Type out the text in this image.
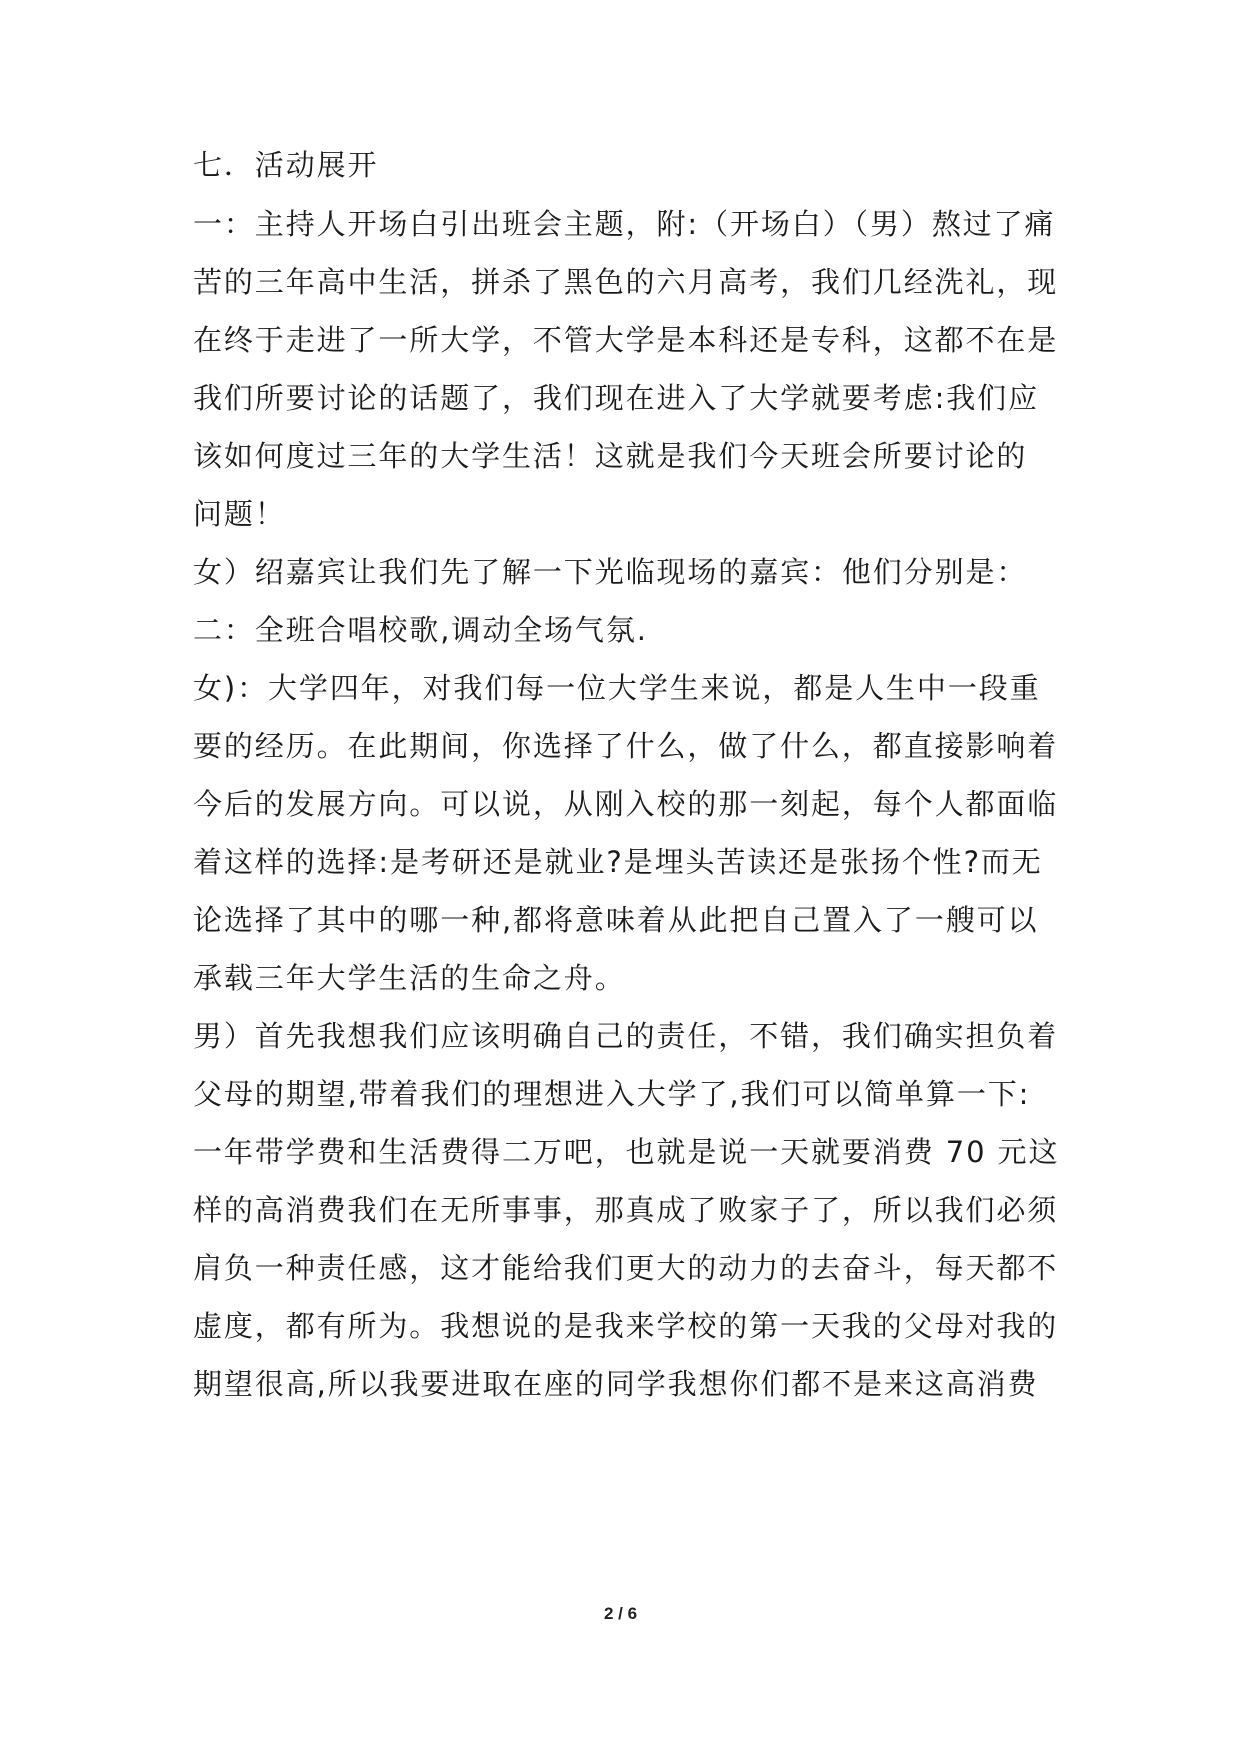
七．活动展开
一：主持人开场白引出班会主题，附:（开场白）（男）熬过了痛
苦的三年高中生活，拼杀了黑色的六月高考，我们几经洗礼，现
在终于走进了一所大学，不管大学是本科还是专科，这都不在是
我们所要讨论的话题了，我们现在进入了大学就要考虑:我们应
该如何度过三年的大学生活！这就是我们今天班会所要讨论的
问题！
女）绍嘉宾让我们先了解一下光临现场的嘉宾：他们分别是：
二：全班合唱校歌,调动全场气氛.
女)：大学四年，对我们每一位大学生来说，都是人生中一段重
要的经历。在此期间，你选择了什么，做了什么，都直接影响着
今后的发展方向。可以说，从刚入校的那一刻起，每个人都面临
着这样的选择:是考研还是就业?是埋头苦读还是张扬个性?而无
论选择了其中的哪一种,都将意味着从此把自己置入了一艘可以
承载三年大学生活的生命之舟。
男）首先我想我们应该明确自己的责任，不错，我们确实担负着
父母的期望,带着我们的理想进入大学了,我们可以简单算一下:
一年带学费和生活费得二万吧，也就是说一天就要消费 70 元这
样的高消费我们在无所事事，那真成了败家子了，所以我们必须
肩负一种责任感，这才能给我们更大的动力的去奋斗，每天都不
虚度，都有所为。我想说的是我来学校的第一天我的父母对我的
期望很高,所以我要进取在座的同学我想你们都不是来这高消费
2 / 6
